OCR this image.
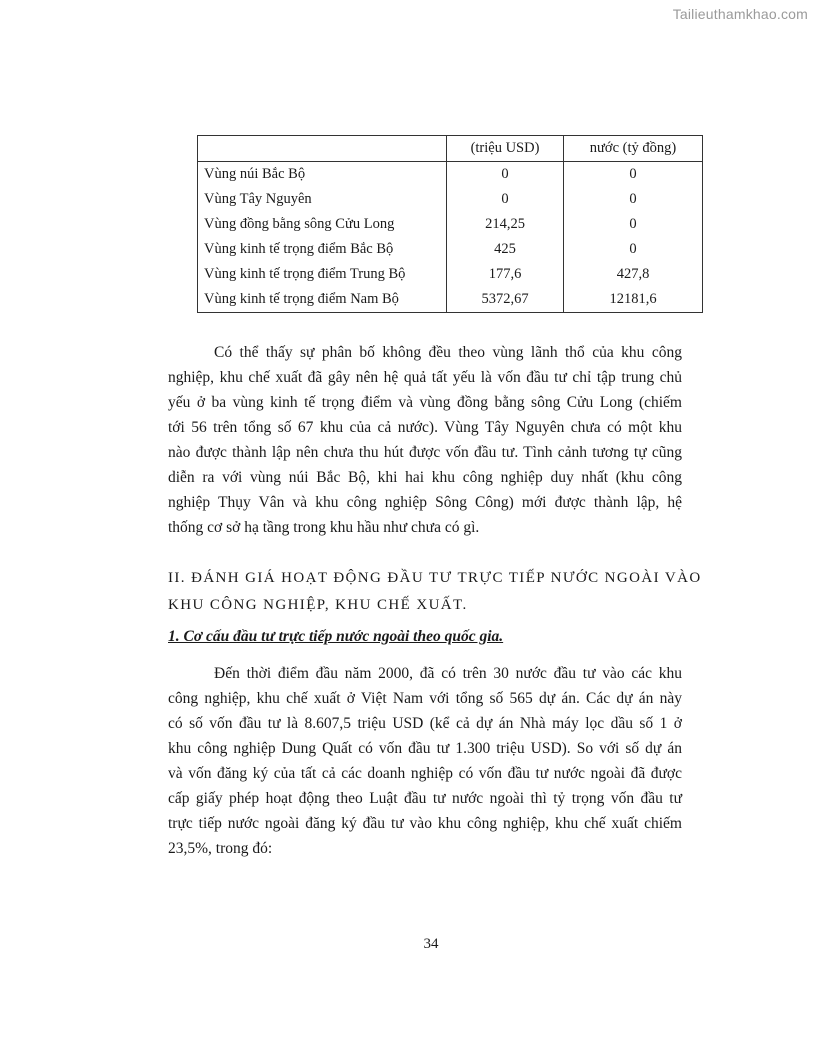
Tailieuthamkhao.com
	(triệu USD)	nước (tỷ đồng)
Vùng núi Bắc Bộ	0	0
Vùng Tây Nguyên	0	0
Vùng đồng bằng sông Cửu Long	214,25	0
Vùng kinh tế trọng điểm Bắc Bộ	425	0
Vùng kinh tế trọng điểm Trung Bộ	177,6	427,8
Vùng kinh tế trọng điểm Nam Bộ	5372,67	12181,6
Có thể thấy sự phân bố không đều theo vùng lãnh thổ của khu công
nghiệp, khu chế xuất đã gây nên hệ quả tất yếu là vốn đầu tư chỉ tập trung chủ
yếu ở ba vùng kinh tế trọng điểm và vùng đồng bằng sông Cửu Long (chiếm
tới 56 trên tổng số 67 khu của cả nước). Vùng Tây Nguyên chưa có một khu
nào được thành lập nên chưa thu hút được vốn đầu tư. Tình cảnh tương tự cũng
diễn ra với vùng núi Bắc Bộ, khi hai khu công nghiệp duy nhất (khu công
nghiệp Thụy Vân và khu công nghiệp Sông Công) mới được thành lập, hệ
thống cơ sở hạ tầng trong khu hầu như chưa có gì.
II. ĐÁNH GIÁ HOẠT ĐỘNG ĐẦU TƯ TRỰC TIẾP NƯỚC NGOÀI VÀO
KHU CÔNG NGHIỆP, KHU CHẾ XUẤT.

1. Cơ cấu đầu tư trực tiếp nước ngoài theo quốc gia.

Đến thời điểm đầu năm 2000, đã có trên 30 nước đầu tư vào các khu
công nghiệp, khu chế xuất ở Việt Nam với tổng số 565 dự án. Các dự án này
có số vốn đầu tư là 8.607,5 triệu USD (kể cả dự án Nhà máy lọc dầu số 1 ở
khu công nghiệp Dung Quất có vốn đầu tư 1.300 triệu USD). So với số dự án
và vốn đăng ký của tất cả các doanh nghiệp có vốn đầu tư nước ngoài đã được
cấp giấy phép hoạt động theo Luật đầu tư nước ngoài thì tỷ trọng vốn đầu tư
trực tiếp nước ngoài đăng ký đầu tư vào khu công nghiệp, khu chế xuất chiếm
23,5%, trong đó:
34
